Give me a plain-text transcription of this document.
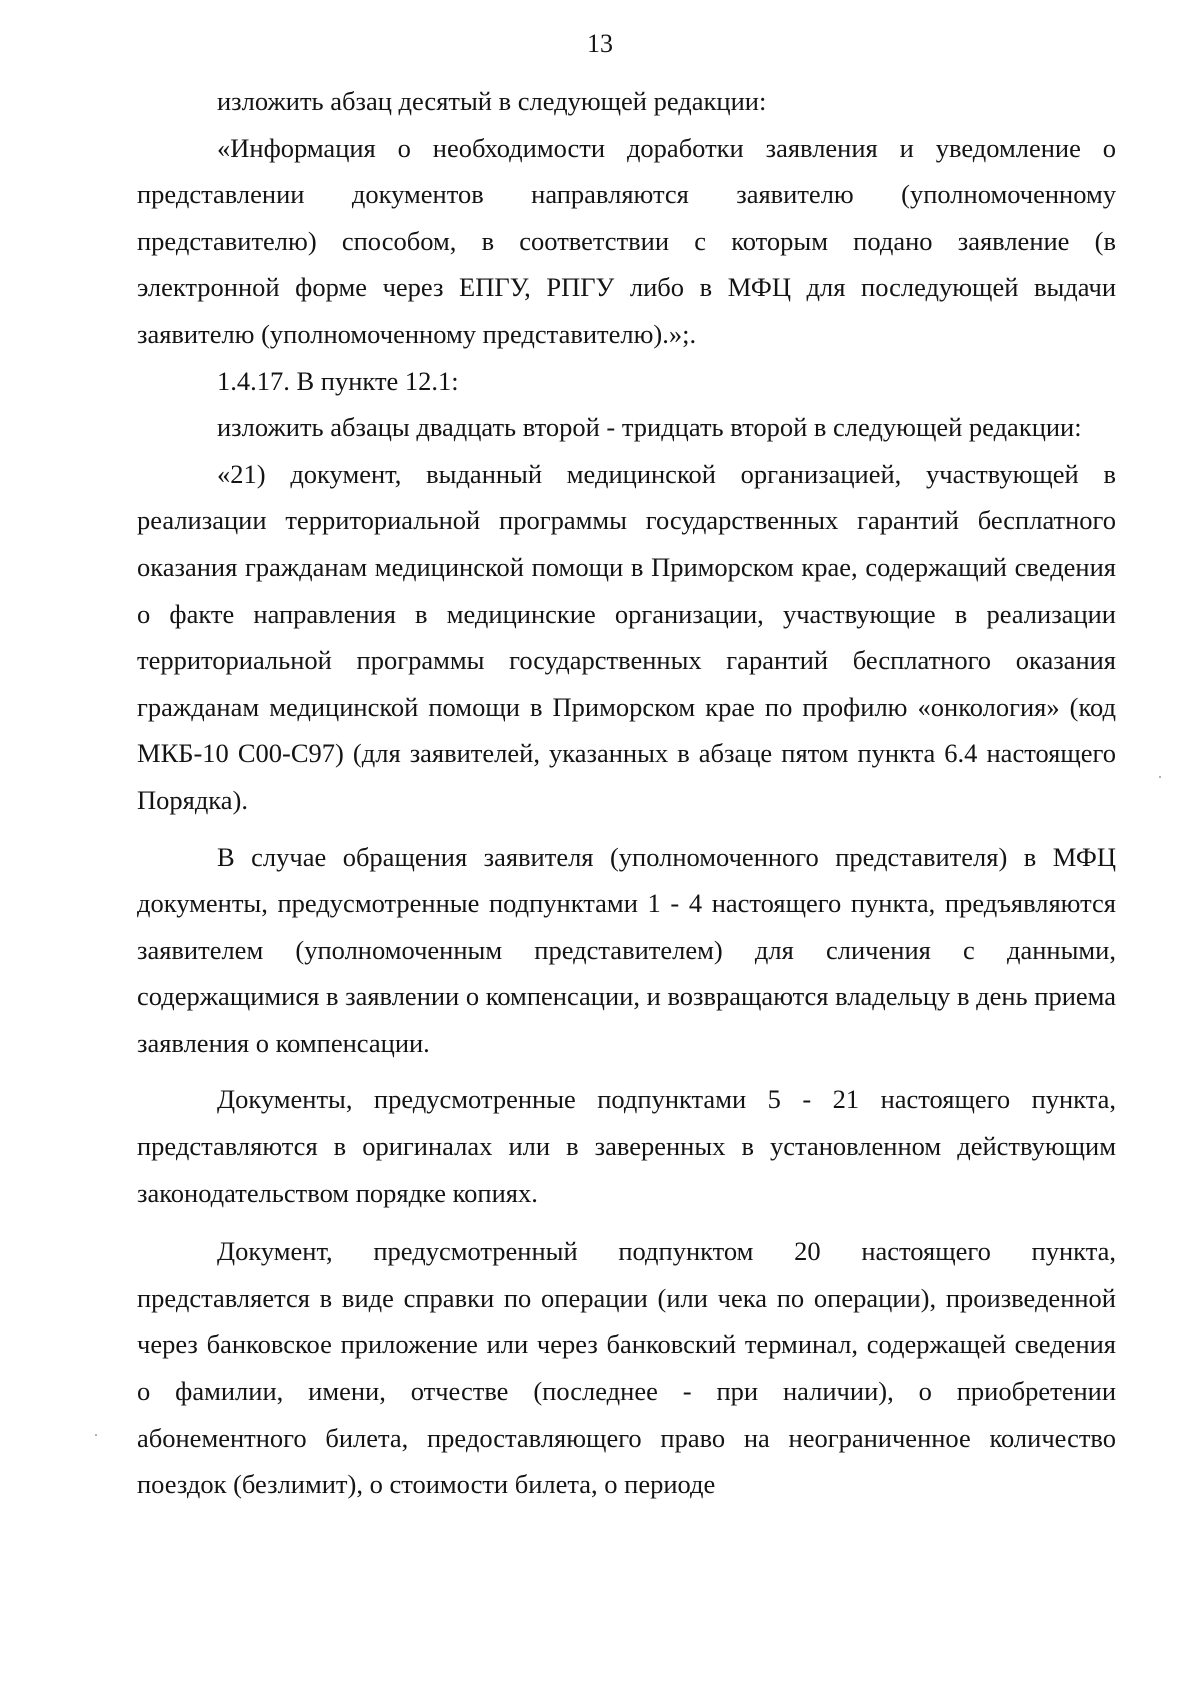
13

изложить абзац десятый в следующей редакции:

«Информация о необходимости доработки заявления и уведомление о представлении документов направляются заявителю (уполномоченному представителю) способом, в соответствии с которым подано заявление (в электронной форме через ЕПГУ, РПГУ либо в МФЦ для последующей выдачи заявителю (уполномоченному представителю).»;.

1.4.17. В пункте 12.1:

изложить абзацы двадцать второй - тридцать второй в следующей редакции:

«21) документ, выданный медицинской организацией, участвующей в реализации территориальной программы государственных гарантий бесплатного оказания гражданам медицинской помощи в Приморском крае, содержащий сведения о факте направления в медицинские организации, участвующие в реализации территориальной программы государственных гарантий бесплатного оказания гражданам медицинской помощи в Приморском крае по профилю «онкология» (код МКБ-10 С00-С97) (для заявителей, указанных в абзаце пятом пункта 6.4 настоящего Порядка).

В случае обращения заявителя (уполномоченного представителя) в МФЦ документы, предусмотренные подпунктами 1 - 4 настоящего пункта, предъявляются заявителем (уполномоченным представителем) для сличения с данными, содержащимися в заявлении о компенсации, и возвращаются владельцу в день приема заявления о компенсации.

Документы, предусмотренные подпунктами 5 - 21 настоящего пункта, представляются в оригиналах или в заверенных в установленном действующим законодательством порядке копиях.

Документ, предусмотренный подпунктом 20 настоящего пункта, представляется в виде справки по операции (или чека по операции), произведенной через банковское приложение или через банковский терминал, содержащей сведения о фамилии, имени, отчестве (последнее - при наличии), о приобретении абонементного билета, предоставляющего право на неограниченное количество поездок (безлимит), о стоимости билета, о периоде
